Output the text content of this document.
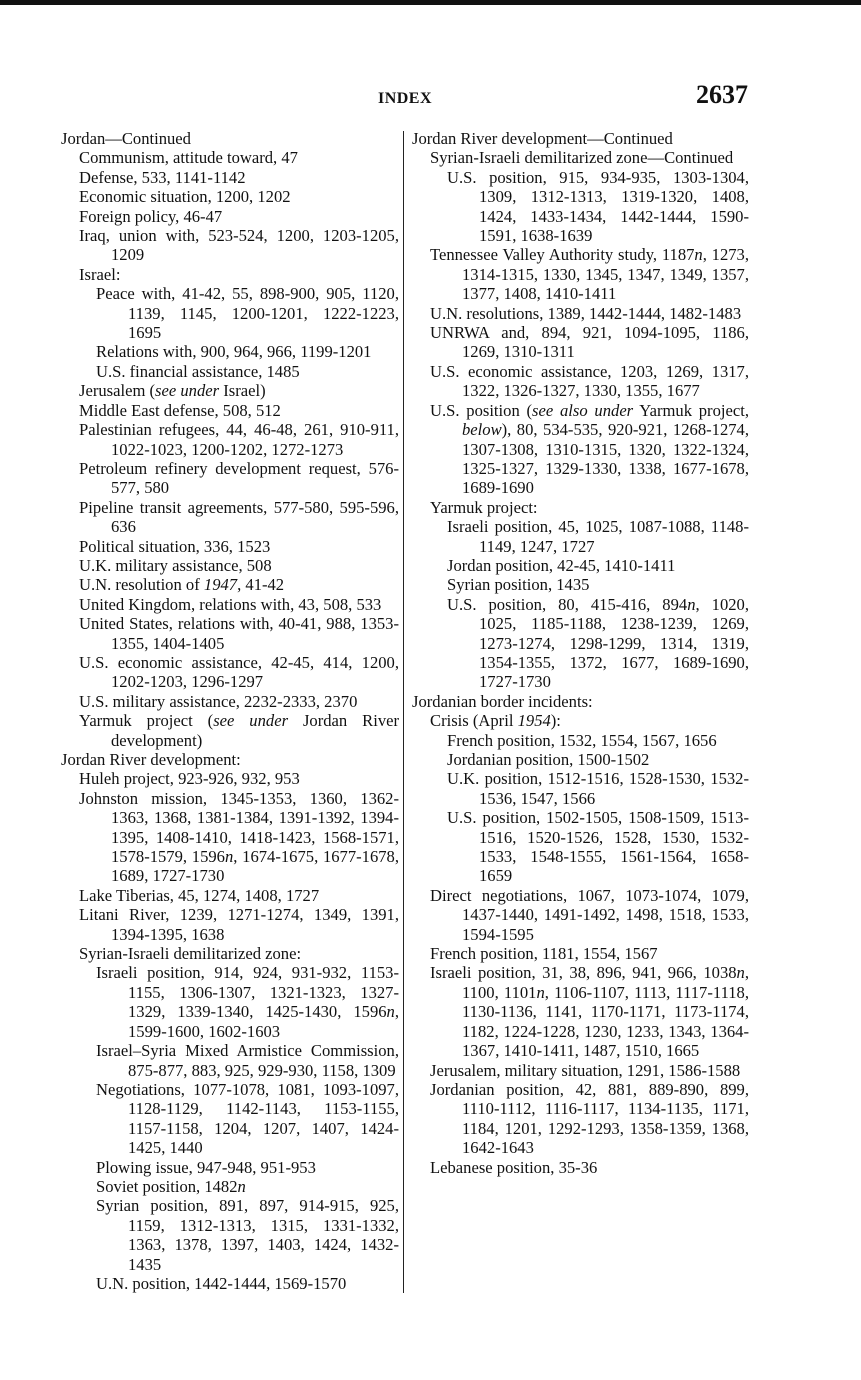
INDEX	2637
Jordan—Continued
Communism, attitude toward, 47
Defense, 533, 1141-1142
Economic situation, 1200, 1202
Foreign policy, 46-47
Iraq, union with, 523-524, 1200, 1203-1205, 1209
Israel:
Peace with, 41-42, 55, 898-900, 905, 1120, 1139, 1145, 1200-1201, 1222-1223, 1695
Relations with, 900, 964, 966, 1199-1201
U.S. financial assistance, 1485
Jerusalem (see under Israel)
Middle East defense, 508, 512
Palestinian refugees, 44, 46-48, 261, 910-911, 1022-1023, 1200-1202, 1272-1273
Petroleum refinery development request, 576-577, 580
Pipeline transit agreements, 577-580, 595-596, 636
Political situation, 336, 1523
U.K. military assistance, 508
U.N. resolution of 1947, 41-42
United Kingdom, relations with, 43, 508, 533
United States, relations with, 40-41, 988, 1353-1355, 1404-1405
U.S. economic assistance, 42-45, 414, 1200, 1202-1203, 1296-1297
U.S. military assistance, 2232-2333, 2370
Yarmuk project (see under Jordan River development)
Jordan River development:
Huleh project, 923-926, 932, 953
Johnston mission, 1345-1353, 1360, 1362-1363, 1368, 1381-1384, 1391-1392, 1394-1395, 1408-1410, 1418-1423, 1568-1571, 1578-1579, 1596n, 1674-1675, 1677-1678, 1689, 1727-1730
Lake Tiberias, 45, 1274, 1408, 1727
Litani River, 1239, 1271-1274, 1349, 1391, 1394-1395, 1638
Syrian-Israeli demilitarized zone:
Israeli position, 914, 924, 931-932, 1153-1155, 1306-1307, 1321-1323, 1327-1329, 1339-1340, 1425-1430, 1596n, 1599-1600, 1602-1603
Israel–Syria Mixed Armistice Commission, 875-877, 883, 925, 929-930, 1158, 1309
Negotiations, 1077-1078, 1081, 1093-1097, 1128-1129, 1142-1143, 1153-1155, 1157-1158, 1204, 1207, 1407, 1424-1425, 1440
Plowing issue, 947-948, 951-953
Soviet position, 1482n
Syrian position, 891, 897, 914-915, 925, 1159, 1312-1313, 1315, 1331-1332, 1363, 1378, 1397, 1403, 1424, 1432-1435
U.N. position, 1442-1444, 1569-1570
Jordan River development—Continued
Syrian-Israeli demilitarized zone—Continued
U.S. position, 915, 934-935, 1303-1304, 1309, 1312-1313, 1319-1320, 1408, 1424, 1433-1434, 1442-1444, 1590-1591, 1638-1639
Tennessee Valley Authority study, 1187n, 1273, 1314-1315, 1330, 1345, 1347, 1349, 1357, 1377, 1408, 1410-1411
U.N. resolutions, 1389, 1442-1444, 1482-1483
UNRWA and, 894, 921, 1094-1095, 1186, 1269, 1310-1311
U.S. economic assistance, 1203, 1269, 1317, 1322, 1326-1327, 1330, 1355, 1677
U.S. position (see also under Yarmuk project, below), 80, 534-535, 920-921, 1268-1274, 1307-1308, 1310-1315, 1320, 1322-1324, 1325-1327, 1329-1330, 1338, 1677-1678, 1689-1690
Yarmuk project:
Israeli position, 45, 1025, 1087-1088, 1148-1149, 1247, 1727
Jordan position, 42-45, 1410-1411
Syrian position, 1435
U.S. position, 80, 415-416, 894n, 1020, 1025, 1185-1188, 1238-1239, 1269, 1273-1274, 1298-1299, 1314, 1319, 1354-1355, 1372, 1677, 1689-1690, 1727-1730
Jordanian border incidents:
Crisis (April 1954):
French position, 1532, 1554, 1567, 1656
Jordanian position, 1500-1502
U.K. position, 1512-1516, 1528-1530, 1532-1536, 1547, 1566
U.S. position, 1502-1505, 1508-1509, 1513-1516, 1520-1526, 1528, 1530, 1532-1533, 1548-1555, 1561-1564, 1658-1659
Direct negotiations, 1067, 1073-1074, 1079, 1437-1440, 1491-1492, 1498, 1518, 1533, 1594-1595
French position, 1181, 1554, 1567
Israeli position, 31, 38, 896, 941, 966, 1038n, 1100, 1101n, 1106-1107, 1113, 1117-1118, 1130-1136, 1141, 1170-1171, 1173-1174, 1182, 1224-1228, 1230, 1233, 1343, 1364-1367, 1410-1411, 1487, 1510, 1665
Jerusalem, military situation, 1291, 1586-1588
Jordanian position, 42, 881, 889-890, 899, 1110-1112, 1116-1117, 1134-1135, 1171, 1184, 1201, 1292-1293, 1358-1359, 1368, 1642-1643
Lebanese position, 35-36
